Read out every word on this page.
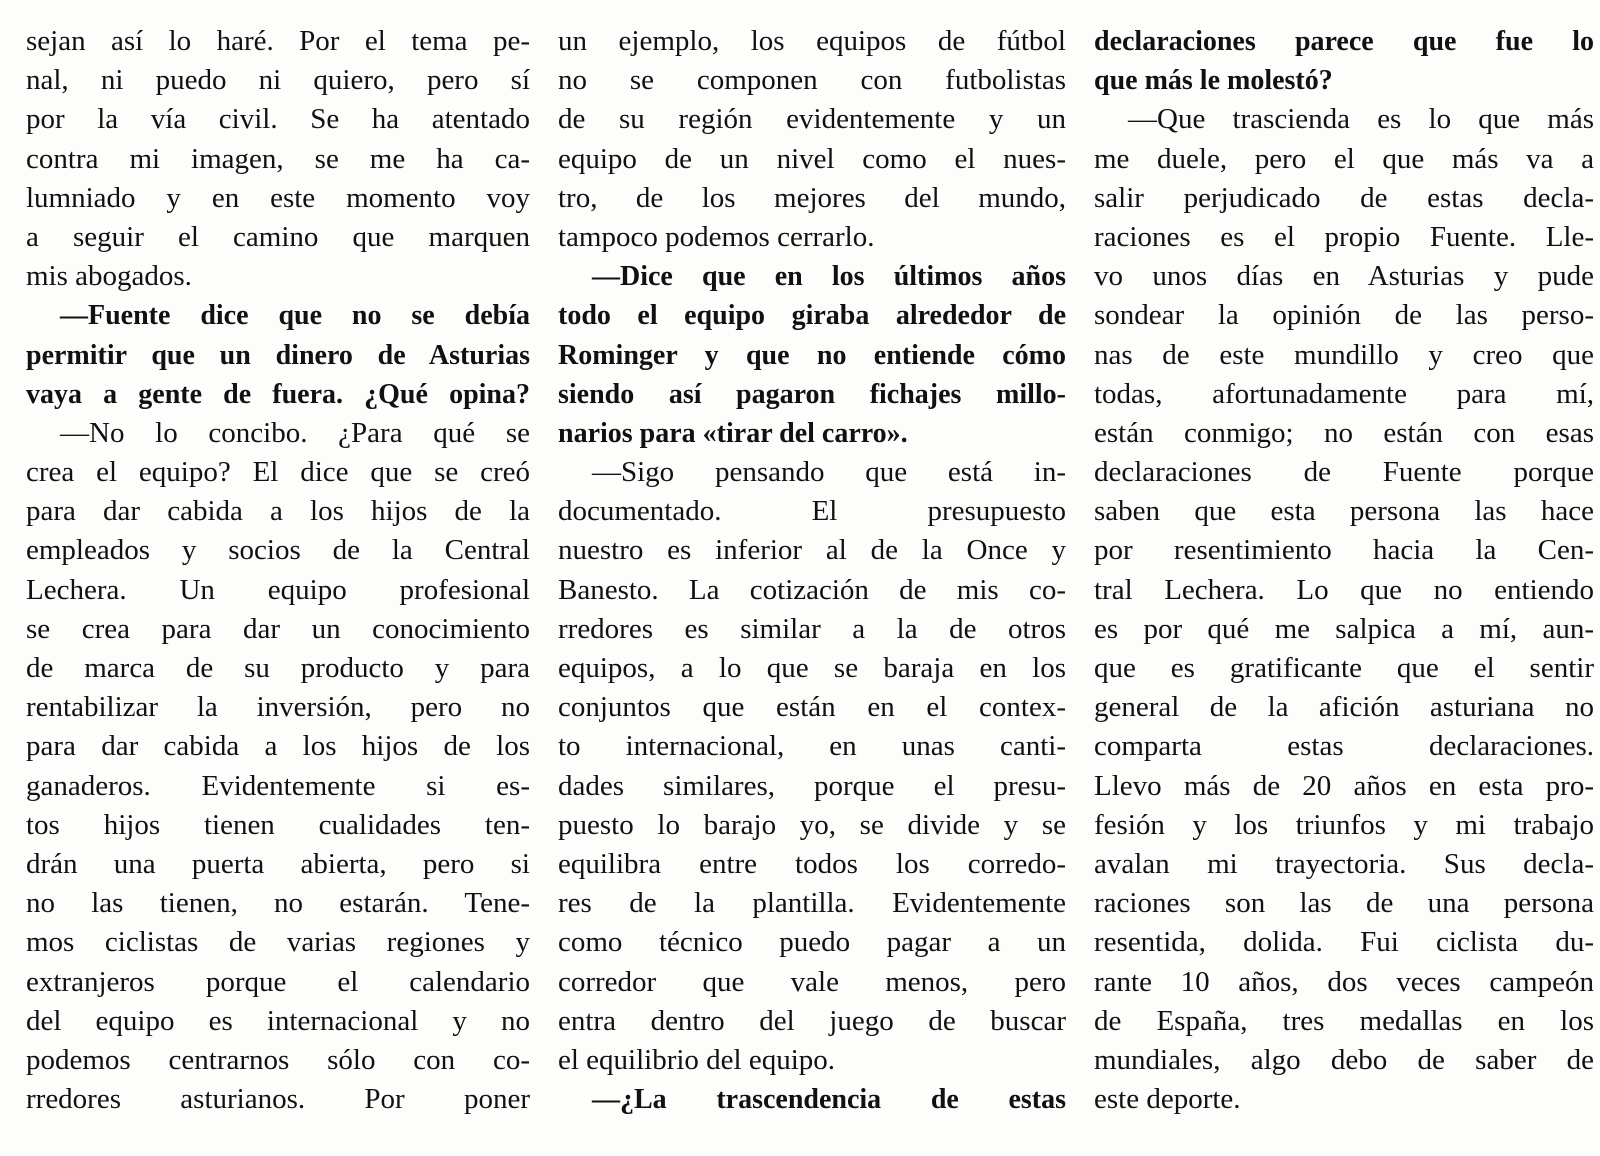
sejan así lo haré. Por el tema pe-
nal, ni puedo ni quiero, pero sí
por la vía civil. Se ha atentado
contra mi imagen, se me ha ca-
lumniado y en este momento voy
a seguir el camino que marquen
mis abogados.
—Fuente dice que no se debía
permitir que un dinero de Asturias
vaya a gente de fuera. ¿Qué opina?
—No lo concibo. ¿Para qué se
crea el equipo? El dice que se creó
para dar cabida a los hijos de la
empleados y socios de la Central
Lechera. Un equipo profesional
se crea para dar un conocimiento
de marca de su producto y para
rentabilizar la inversión, pero no
para dar cabida a los hijos de los
ganaderos. Evidentemente si es-
tos hijos tienen cualidades ten-
drán una puerta abierta, pero si
no las tienen, no estarán. Tene-
mos ciclistas de varias regiones y
extranjeros porque el calendario
del equipo es internacional y no
podemos centrarnos sólo con co-
rredores asturianos. Por poner
un ejemplo, los equipos de fútbol
no se componen con futbolistas
de su región evidentemente y un
equipo de un nivel como el nues-
tro, de los mejores del mundo,
tampoco podemos cerrarlo.
—Dice que en los últimos años
todo el equipo giraba alrededor de
Rominger y que no entiende cómo
siendo así pagaron fichajes millo-
narios para «tirar del carro».
—Sigo pensando que está in-
documentado. El presupuesto
nuestro es inferior al de la Once y
Banesto. La cotización de mis co-
rredores es similar a la de otros
equipos, a lo que se baraja en los
conjuntos que están en el contex-
to internacional, en unas canti-
dades similares, porque el presu-
puesto lo barajo yo, se divide y se
equilibra entre todos los corredo-
res de la plantilla. Evidentemente
como técnico puedo pagar a un
corredor que vale menos, pero
entra dentro del juego de buscar
el equilibrio del equipo.
—¿La trascendencia de estas
declaraciones parece que fue lo
que más le molestó?
—Que trascienda es lo que más
me duele, pero el que más va a
salir perjudicado de estas decla-
raciones es el propio Fuente. Lle-
vo unos días en Asturias y pude
sondear la opinión de las perso-
nas de este mundillo y creo que
todas, afortunadamente para mí,
están conmigo; no están con esas
declaraciones de Fuente porque
saben que esta persona las hace
por resentimiento hacia la Cen-
tral Lechera. Lo que no entiendo
es por qué me salpica a mí, aun-
que es gratificante que el sentir
general de la afición asturiana no
comparta estas declaraciones.
Llevo más de 20 años en esta pro-
fesión y los triunfos y mi trabajo
avalan mi trayectoria. Sus decla-
raciones son las de una persona
resentida, dolida. Fui ciclista du-
rante 10 años, dos veces campeón
de España, tres medallas en los
mundiales, algo debo de saber de
este deporte.
